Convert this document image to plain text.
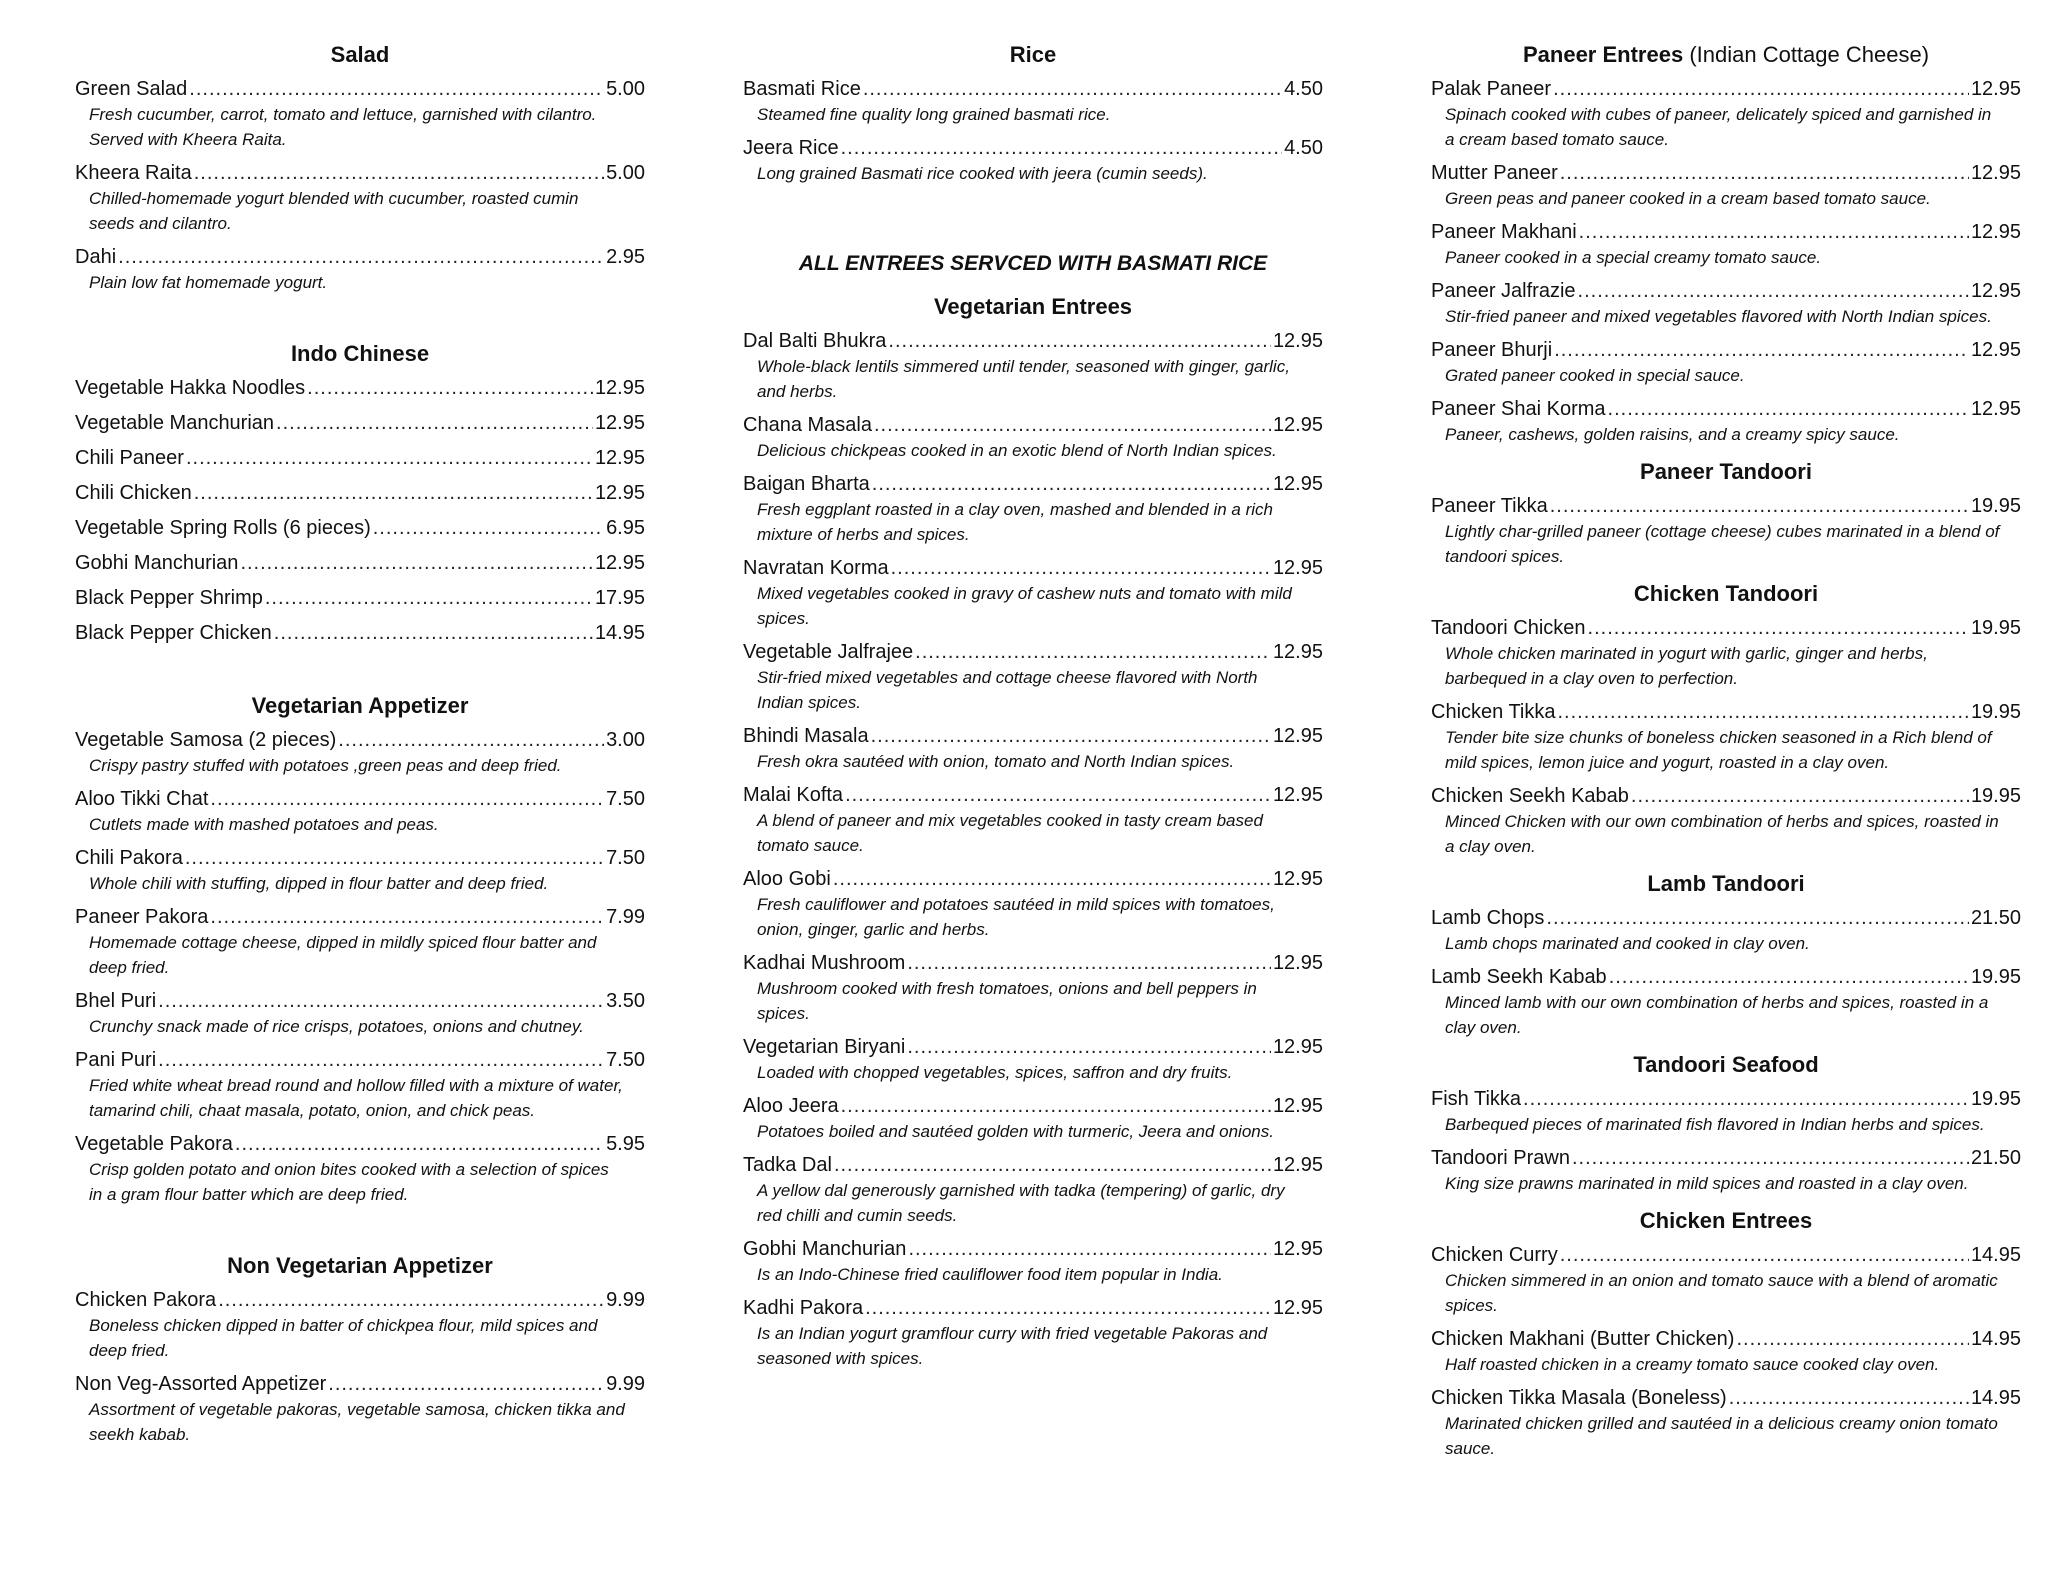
Salad
Green Salad .....	5.00
Fresh cucumber, carrot, tomato and lettuce, garnished with cilantro. Served with Kheera Raita.
Kheera Raita .....	5.00
Chilled-homemade yogurt blended with cucumber, roasted cumin seeds and cilantro.
Dahi .....	2.95
Plain low fat homemade yogurt.
Indo Chinese
Vegetable Hakka Noodles .....	12.95
Vegetable Manchurian .....	12.95
Chili Paneer .....	12.95
Chili Chicken .....	12.95
Vegetable Spring Rolls (6 pieces) .....	6.95
Gobhi Manchurian .....	12.95
Black Pepper Shrimp .....	17.95
Black Pepper Chicken .....	14.95
Vegetarian Appetizer
Vegetable Samosa (2 pieces) .....	3.00
Crispy pastry stuffed with potatoes ,green peas and deep fried.
Aloo Tikki Chat .....	7.50
Cutlets made with mashed potatoes and peas.
Chili Pakora .....	7.50
Whole chili with stuffing, dipped in flour batter and deep fried.
Paneer Pakora .....	7.99
Homemade cottage cheese, dipped in mildly spiced flour batter and deep fried.
Bhel Puri .....	3.50
Crunchy snack made of rice crisps, potatoes, onions and chutney.
Pani Puri .....	7.50
Fried white wheat bread round and hollow filled with a mixture of water, tamarind chili, chaat masala, potato, onion, and chick peas.
Vegetable Pakora .....	5.95
Crisp golden potato and onion bites cooked with a selection of spices in a gram flour batter which are deep fried.
Non Vegetarian Appetizer
Chicken Pakora .....	9.99
Boneless chicken dipped in batter of chickpea flour, mild spices and deep fried.
Non Veg-Assorted Appetizer .....	9.99
Assortment of vegetable pakoras, vegetable samosa, chicken tikka and seekh kabab.
Rice
Basmati Rice .....	4.50
Steamed fine quality long grained basmati rice.
Jeera Rice .....	4.50
Long grained Basmati rice cooked with jeera (cumin seeds).
ALL ENTREES SERVCED WITH BASMATI RICE
Vegetarian Entrees
Dal Balti Bhukra .....	12.95
Whole-black lentils simmered until tender, seasoned with ginger, garlic, and herbs.
Chana Masala .....	12.95
Delicious chickpeas cooked in an exotic blend of North Indian spices.
Baigan Bharta .....	12.95
Fresh eggplant roasted in a clay oven, mashed and blended in a rich mixture of herbs and spices.
Navratan Korma .....	12.95
Mixed vegetables cooked in gravy of cashew nuts and tomato with mild spices.
Vegetable Jalfrajee .....	12.95
Stir-fried mixed vegetables and cottage cheese flavored with North Indian spices.
Bhindi Masala .....	12.95
Fresh okra sautéed with onion, tomato and North Indian spices.
Malai Kofta .....	12.95
A blend of paneer and mix vegetables cooked in tasty cream based tomato sauce.
Aloo Gobi .....	12.95
Fresh cauliflower and potatoes sautéed in mild spices with tomatoes, onion, ginger, garlic and herbs.
Kadhai Mushroom .....	12.95
Mushroom cooked with fresh tomatoes, onions and bell peppers in spices.
Vegetarian Biryani .....	12.95
Loaded with chopped vegetables, spices, saffron and dry fruits.
Aloo Jeera .....	12.95
Potatoes boiled and sautéed golden with turmeric, Jeera and onions.
Tadka Dal .....	12.95
A yellow dal generously garnished with tadka (tempering) of garlic, dry red chilli and cumin seeds.
Gobhi Manchurian .....	12.95
Is an Indo-Chinese fried cauliflower food item popular in India.
Kadhi Pakora .....	12.95
Is an Indian yogurt gramflour curry with fried vegetable Pakoras and seasoned with spices.
Paneer Entrees (Indian Cottage Cheese)
Palak Paneer .....	12.95
Spinach cooked with cubes of paneer, delicately spiced and garnished in a cream based tomato sauce.
Mutter Paneer .....	12.95
Green peas and paneer cooked in a cream based tomato sauce.
Paneer Makhani .....	12.95
Paneer cooked in a special creamy tomato sauce.
Paneer Jalfrazie .....	12.95
Stir-fried paneer and mixed vegetables flavored with North Indian spices.
Paneer Bhurji .....	12.95
Grated paneer cooked in special sauce.
Paneer Shai Korma .....	12.95
Paneer, cashews, golden raisins, and a creamy spicy sauce.
Paneer Tandoori
Paneer Tikka .....	19.95
Lightly char-grilled paneer (cottage cheese) cubes marinated in a blend of tandoori spices.
Chicken Tandoori
Tandoori Chicken .....	19.95
Whole chicken marinated in yogurt with garlic, ginger and herbs, barbequed in a clay oven to perfection.
Chicken Tikka .....	19.95
Tender bite size chunks of boneless chicken seasoned in a Rich blend of mild spices, lemon juice and yogurt, roasted in a clay oven.
Chicken Seekh Kabab .....	19.95
Minced Chicken with our own combination of herbs and spices, roasted in a clay oven.
Lamb Tandoori
Lamb Chops .....	21.50
Lamb chops marinated and cooked in clay oven.
Lamb Seekh Kabab .....	19.95
Minced lamb with our own combination of herbs and spices, roasted in a clay oven.
Tandoori Seafood
Fish Tikka .....	19.95
Barbequed pieces of marinated fish flavored in Indian herbs and spices.
Tandoori Prawn .....	21.50
King size prawns marinated in mild spices and roasted in a clay oven.
Chicken Entrees
Chicken Curry .....	14.95
Chicken simmered in an onion and tomato sauce with a blend of aromatic spices.
Chicken Makhani (Butter Chicken) .....	14.95
Half roasted chicken in a creamy tomato sauce cooked clay oven.
Chicken Tikka Masala (Boneless) .....	14.95
Marinated chicken grilled and sautéed in a delicious creamy onion tomato sauce.
